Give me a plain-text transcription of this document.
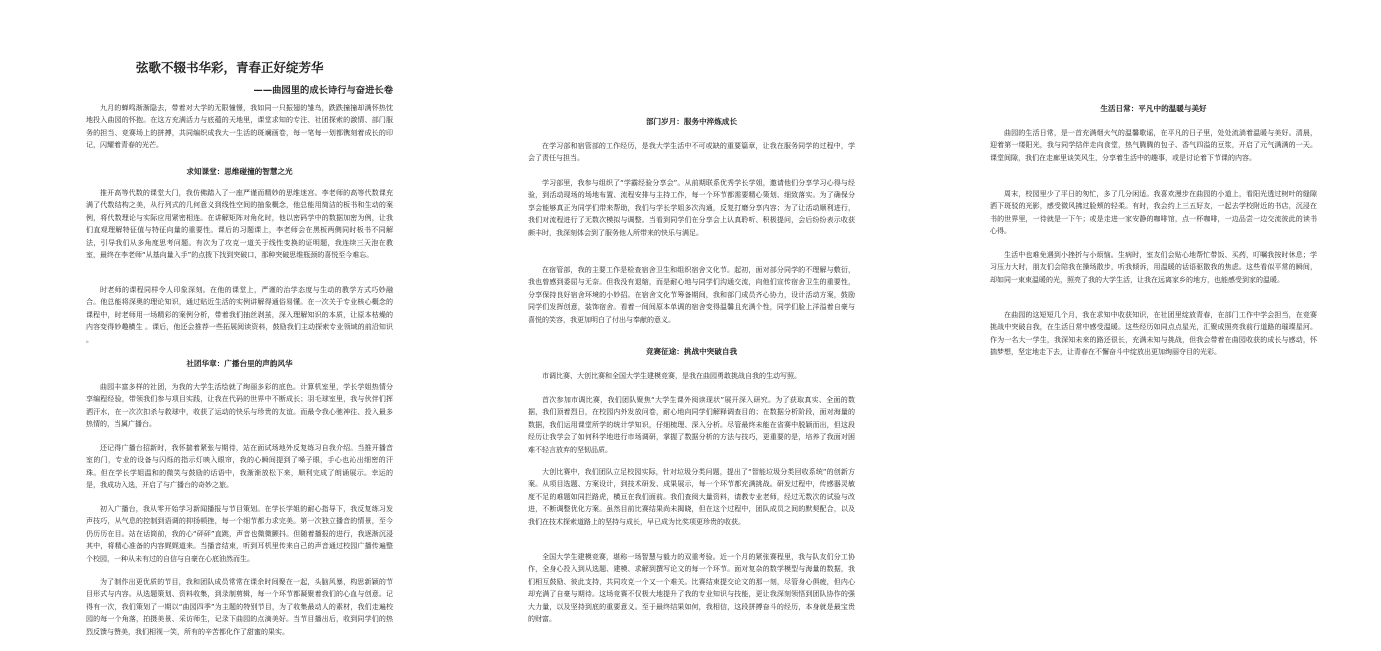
弦歌不辍书华彩，青春正好绽芳华
——曲园里的成长诗行与奋进长卷

九月的蝉鸣渐渐隐去，带着对大学的无限憧憬，我如同一只振翅的雏鸟，跌跌撞撞却满怀热忱地投入曲园的怀抱。在这方充满活力与底蕴的天地里，课堂求知的专注、社团探索的激情、部门服务的担当、竞赛场上的拼搏，共同编织成我大一生活的斑斓画卷，每一笔每一划都镌刻着成长的印记，闪耀着青春的光芒。

求知课堂：思维碰撞的智慧之光

推开高等代数的课堂大门，我仿佛踏入了一座严谨而精妙的思维迷宫。李老师的高等代数课充满了代数结构之美，从行列式的几何意义到线性空间的抽象概念，他总能用简洁的板书和生动的案例，将代数理论与实际应用紧密相连。在讲解矩阵对角化时，他以密码学中的数据加密为例，让我们直观理解特征值与特征向量的重要性。课后的习题课上，李老师会在黑板两侧同时板书不同解法，引导我们从多角度思考问题。有次为了攻克一道关于线性变换的证明题，我连续三天泡在教室，最终在李老师“从基向量入手”的点拨下找到突破口，那种突破思维瓶颈的喜悦至今难忘。

时老师的课程同样令人印象深刻。在他的课堂上，严谨的治学态度与生动的教学方式巧妙融合。他总能将深奥的理论知识，通过贴近生活的实例讲解得通俗易懂。在一次关于专业核心概念的课程中，时老师用一场精彩的案例分析，带着我们抽丝剥茧，深入理解知识的本质，让原本枯燥的内容变得妙趣横生 。课后，他还会推荐一些拓展阅读资料，鼓励我们主动探索专业领域的前沿知识 。

社团华章：广播台里的声韵风华

曲园丰富多样的社团，为我的大学生活绘就了绚丽多彩的底色。计算机室里，学长学姐热情分享编程经验，带领我们参与项目实践，让我在代码的世界中不断成长；羽毛球室里，我与伙伴们挥洒汗水，在一次次扣杀与救球中，收获了运动的快乐与珍贵的友谊。而最令我心驰神往、投入最多热情的，当属广播台。

还记得广播台招新时，我怀揣着紧张与期待，站在面试场地外反复练习自我介绍。当推开播音室的门，专业的设备与闪烁的指示灯映入眼帘，我的心瞬间提到了嗓子眼，手心也沁出细密的汗珠。但在学长学姐温和的微笑与鼓励的话语中，我渐渐放松下来，顺利完成了朗诵展示。幸运的是，我成功入选，开启了与广播台的奇妙之旅。

初入广播台，我从零开始学习新闻播报与节目策划。在学长学姐的耐心指导下，我反复练习发声技巧，从气息的控制到语调的抑扬顿挫，每一个细节都力求完美。第一次独立播音的情景，至今仍历历在目。站在话筒前，我的心“砰砰”直跳，声音也微微颤抖。但随着播报的进行，我逐渐沉浸其中，将精心准备的内容娓娓道来。当播音结束，听到耳机里传来自己的声音通过校园广播传遍整个校园，一种从未有过的自信与自豪在心底油然而生。

为了制作出更优质的节目，我和团队成员常常在课余时间聚在一起，头脑风暴，构思新颖的节目形式与内容。从选题策划、资料收集，到录制剪辑，每一个环节都凝聚着我们的心血与创意。记得有一次，我们策划了一期以“曲园四季”为主题的特别节目，为了收集最动人的素材，我们走遍校园的每一个角落，拍摄美景、采访师生，记录下曲园的点滴美好。当节目播出后，收到同学们的热烈反馈与赞美，我们相视一笑，所有的辛苦都化作了甜蜜的果实。

部门岁月：服务中淬炼成长

在学习部和宿管部的工作经历，是我大学生活中不可或缺的重要篇章，让我在服务同学的过程中，学会了责任与担当。

学习部里，我参与组织了“学霸经验分享会”。从前期联系优秀学长学姐，邀请他们分享学习心得与经验，到活动现场的场地布置、流程安排与主持工作，每一个环节都需要精心策划、细致落实。为了确保分享会能够真正为同学们带来帮助，我们与学长学姐多次沟通，反复打磨分享内容；为了让活动顺利进行，我们对流程进行了无数次模拟与调整。当看到同学们在分享会上认真聆听、积极提问，会后纷纷表示收获颇丰时，我深刻体会到了服务他人所带来的快乐与满足。

在宿管部，我的主要工作是检查宿舍卫生和组织宿舍文化节。起初，面对部分同学的不理解与敷衍，我也曾感到委屈与无奈。但我没有退缩，而是耐心地与同学们沟通交流，向他们宣传宿舍卫生的重要性，分享保持良好宿舍环境的小妙招。在宿舍文化节筹备期间，我和部门成员齐心协力，设计活动方案，鼓励同学们发挥创意，装饰宿舍。看着一间间原本单调的宿舍变得温馨且充满个性，同学们脸上洋溢着自豪与喜悦的笑容，我更加明白了付出与奉献的意义。

竞赛征途：挑战中突破自我

市调比赛、大创比赛和全国大学生建模竞赛，是我在曲园勇敢挑战自我的生动写照。

首次参加市调比赛，我们团队聚焦“大学生课外阅读现状”展开深入研究。为了获取真实、全面的数据，我们顶着烈日，在校园内外发放问卷，耐心地向同学们解释调查目的；在数据分析阶段，面对海量的数据，我们运用课堂所学的统计学知识，仔细梳理、深入分析。尽管最终未能在省赛中脱颖而出，但这段经历让我学会了如何科学地进行市场调研，掌握了数据分析的方法与技巧，更重要的是，培养了我面对困难不轻言放弃的坚韧品质。

大创比赛中，我们团队立足校园实际，针对垃圾分类问题，提出了“智能垃圾分类回收系统”的创新方案。从项目选题、方案设计，到技术研发、成果展示，每一个环节都充满挑战。研发过程中，传感器灵敏度不足的难题如同拦路虎，横亘在我们面前。我们查阅大量资料，请教专业老师，经过无数次的试验与改进，不断调整优化方案。虽然目前比赛结果尚未揭晓，但在这个过程中，团队成员之间的默契配合，以及我们在技术探索道路上的坚持与成长，早已成为比奖项更珍贵的收获。

全国大学生建模竞赛，堪称一场智慧与毅力的双重考验。近一个月的紧张赛程里，我与队友们分工协作，全身心投入到从选题、建模、求解到撰写论文的每一个环节。面对复杂的数学模型与海量的数据，我们相互鼓励、彼此支持，共同攻克一个又一个难关。比赛结束提交论文的那一刻，尽管身心俱疲，但内心却充满了自豪与期待。这场竞赛不仅极大地提升了我的专业知识与技能，更让我深刻领悟到团队协作的强大力量，以及坚持到底的重要意义。至于最终结果如何，我相信，这段拼搏奋斗的经历，本身就是最宝贵的财富。

生活日常：平凡中的温暖与美好

曲园的生活日常，是一首充满烟火气的温馨歌谣，在平凡的日子里，处处流淌着温暖与美好。清晨，迎着第一缕阳光，我与同学结伴走向食堂，热气腾腾的包子、香气四溢的豆浆，开启了元气满满的一天。课堂间隙，我们在走廊里谈笑风生，分享着生活中的趣事，或是讨论着下节课的内容。

周末，校园里少了平日的匆忙，多了几分闲适。我喜欢漫步在曲园的小道上，看阳光透过树叶的缝隙洒下斑驳的光影，感受微风拂过脸颊的轻柔。有时，我会约上三五好友，一起去学校附近的书店，沉浸在书的世界里，一待就是一下午；或是走进一家安静的咖啡馆，点一杯咖啡，一边品尝一边交流彼此的读书心得。

生活中也难免遇到小挫折与小烦恼。生病时，室友们会贴心地帮忙带饭、买药，叮嘱我按时休息；学习压力大时，朋友们会陪我在操场散步，听我倾诉，用温暖的话语驱散我的焦虑。这些看似平常的瞬间，却如同一束束温暖的光，照亮了我的大学生活，让我在远离家乡的地方，也能感受到家的温暖。

在曲园的这短短几个月，我在求知中收获知识，在社团里绽放青春，在部门工作中学会担当，在竞赛挑战中突破自我，在生活日常中感受温暖。这些经历如同点点星光，汇聚成照亮我前行道路的璀璨星河。作为一名大一学生，我深知未来的路还很长，充满未知与挑战，但我会带着在曲园收获的成长与感动，怀揣梦想，坚定地走下去，让青春在不懈奋斗中绽放出更加绚丽夺目的光彩。
